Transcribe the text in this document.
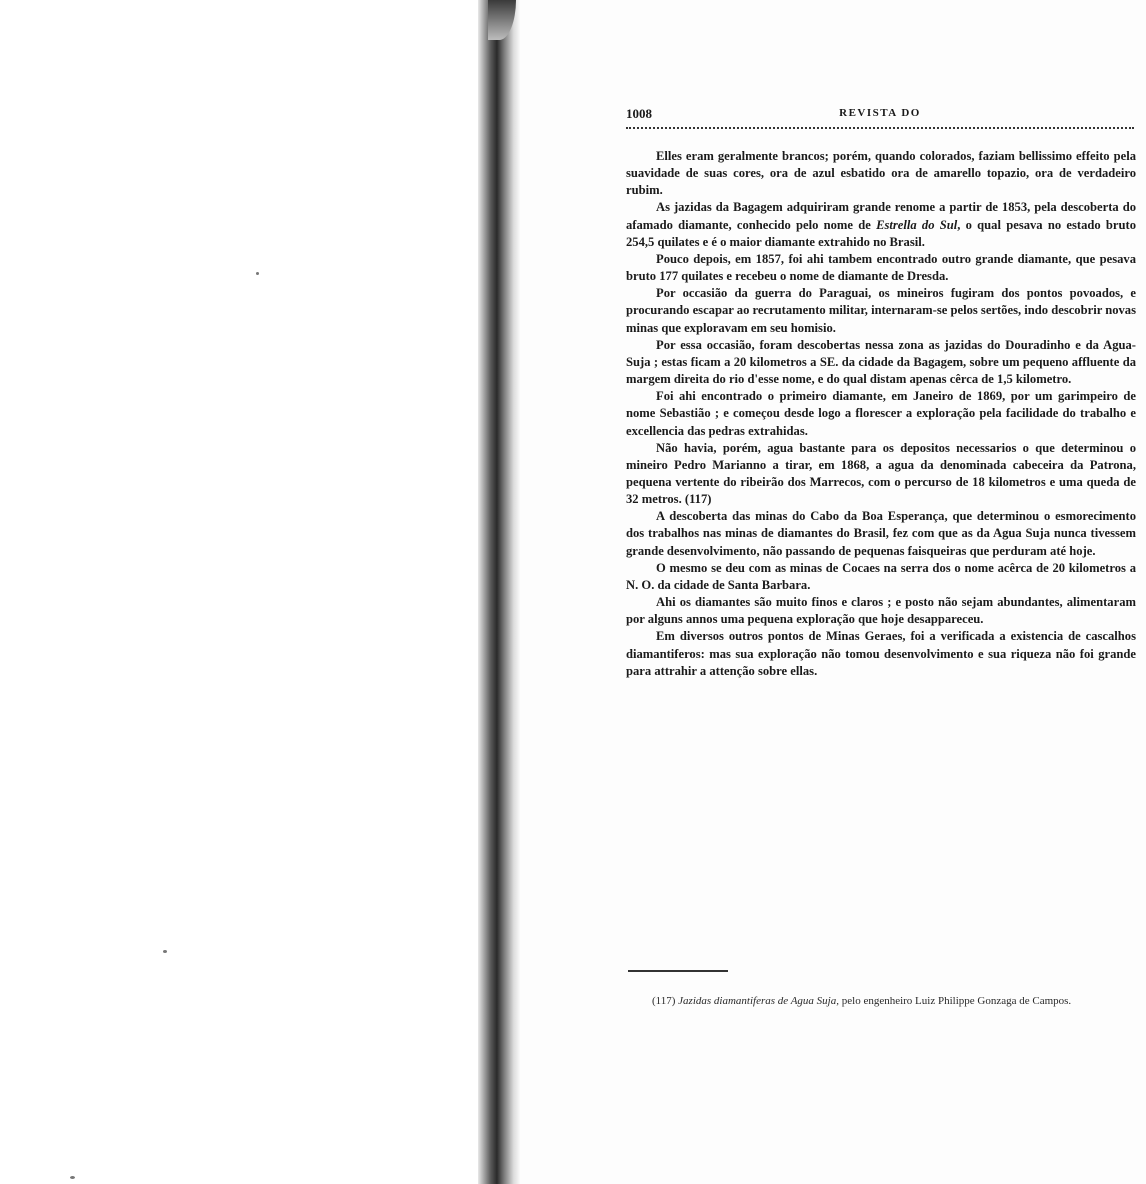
1008	REVISTA DO

Elles eram geralmente brancos; porém, quando colorados, faziam bellissimo effeito pela suavidade de suas cores, ora de azul esbatido ora de amarello topazio, ora de verdadeiro rubim.

As jazidas da Bagagem adquiriram grande renome a partir de 1853, pela descoberta do afamado diamante, conhecido pelo nome de Estrella do Sul, o qual pesava no estado bruto 254,5 quilates e é o maior diamante extrahido no Brasil.

Pouco depois, em 1857, foi ahi tambem encontrado outro grande diamante, que pesava bruto 177 quilates e recebeu o nome de diamante de Dresda.

Por occasião da guerra do Paraguai, os mineiros fugiram dos pontos povoados, e procurando escapar ao recrutamento militar, internaram-se pelos sertões, indo descobrir novas minas que exploravam em seu homisio.

Por essa occasião, foram descobertas nessa zona as jazidas do Douradinho e da Agua-Suja ; estas ficam a 20 kilometros a SE. da cidade da Bagagem, sobre um pequeno affluente da margem direita do rio d'esse nome, e do qual distam apenas cêrca de 1,5 kilometro.

Foi ahi encontrado o primeiro diamante, em Janeiro de 1869, por um garimpeiro de nome Sebastião ; e começou desde logo a florescer a exploração pela facilidade do trabalho e excellencia das pedras extrahidas.

Não havia, porém, agua bastante para os depositos necessarios o que determinou o mineiro Pedro Marianno a tirar, em 1868, a agua da denominada cabeceira da Patrona, pequena vertente do ribeirão dos Marrecos, com o percurso de 18 kilometros e uma queda de 32 metros. (117)

A descoberta das minas do Cabo da Boa Esperança, que determinou o esmorecimento dos trabalhos nas minas de diamantes do Brasil, fez com que as da Agua Suja nunca tivessem grande desenvolvimento, não passando de pequenas faisqueiras que perduram até hoje.

O mesmo se deu com as minas de Cocaes na serra dos o nome acêrca de 20 kilometros a N. O. da cidade de Santa Barbara.

Ahi os diamantes são muito finos e claros ; e posto não sejam abundantes, alimentaram por alguns annos uma pequena exploração que hoje desappareceu.

Em diversos outros pontos de Minas Geraes, foi a verificada a existencia de cascalhos diamantiferos: mas sua exploração não tomou desenvolvimento e sua riqueza não foi grande para attrahir a attenção sobre ellas.

(117) Jazidas diamantiferas de Agua Suja, pelo engenheiro Luiz Philippe Gonzaga de Campos.
